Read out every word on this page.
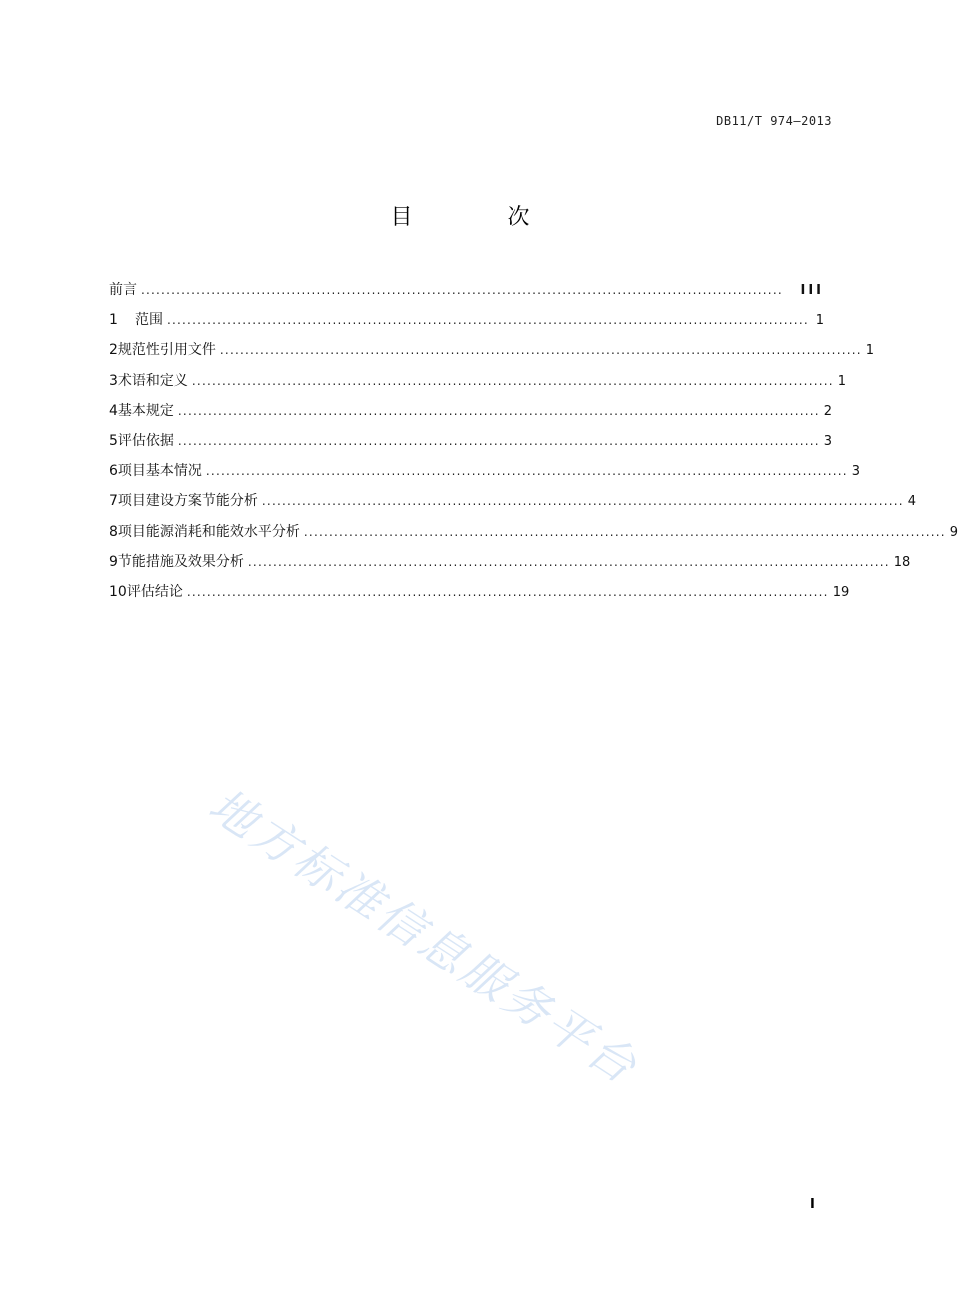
DB11/T 974—2013
目 次
前言 ................................................................................................................................	III
1	范围 ................................................................................................................................ 1
2 规范性引用文件 ................................................................................................................................ 1
3 术语和定义 ................................................................................................................................ 1
4 基本规定 ................................................................................................................................ 2
5 评估依据 ................................................................................................................................ 3
6 项目基本情况 ................................................................................................................................ 3
7 项目建设方案节能分析 ................................................................................................................................ 4
8 项目能源消耗和能效水平分析 ................................................................................................................................ 9
9 节能措施及效果分析 ................................................................................................................................ 18
10 评估结论 ................................................................................................................................ 19
地方标准信息服务平台
I
